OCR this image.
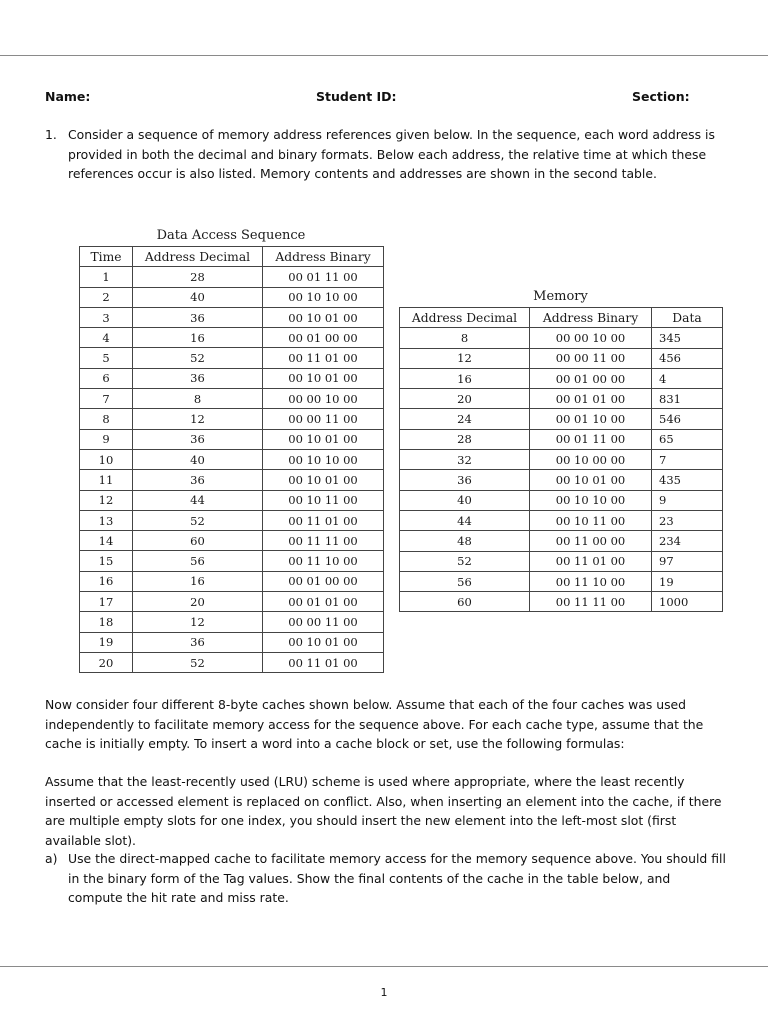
Name:	Student ID:	Section:
1. Consider a sequence of memory address references given below. In the sequence, each word address is provided in both the decimal and binary formats. Below each address, the relative time at which these references occur is also listed. Memory contents and addresses are shown in the second table.

Data Access Sequence
Time	Address Decimal	Address Binary
1	28	00 01 11 00
2	40	00 10 10 00
3	36	00 10 01 00
4	16	00 01 00 00
5	52	00 11 01 00
6	36	00 10 01 00
7	8	00 00 10 00
8	12	00 00 11 00
9	36	00 10 01 00
10	40	00 10 10 00
11	36	00 10 01 00
12	44	00 10 11 00
13	52	00 11 01 00
14	60	00 11 11 00
15	56	00 11 10 00
16	16	00 01 00 00
17	20	00 01 01 00
18	12	00 00 11 00
19	36	00 10 01 00
20	52	00 11 01 00
Memory
Address Decimal	Address Binary	Data
8	00 00 10 00	345
12	00 00 11 00	456
16	00 01 00 00	4
20	00 01 01 00	831
24	00 01 10 00	546
28	00 01 11 00	65
32	00 10 00 00	7
36	00 10 01 00	435
40	00 10 10 00	9
44	00 10 11 00	23
48	00 11 00 00	234
52	00 11 01 00	97
56	00 11 10 00	19
60	00 11 11 00	1000

Now consider four different 8-byte caches shown below. Assume that each of the four caches was used independently to facilitate memory access for the sequence above. For each cache type, assume that the cache is initially empty. To insert a word into a cache block or set, use the following formulas:

Assume that the least-recently used (LRU) scheme is used where appropriate, where the least recently inserted or accessed element is replaced on conflict. Also, when inserting an element into the cache, if there are multiple empty slots for one index, you should insert the new element into the left-most slot (first available slot).

a) Use the direct-mapped cache to facilitate memory access for the memory sequence above. You should fill in the binary form of the Tag values. Show the final contents of the cache in the table below, and compute the hit rate and miss rate.

1
